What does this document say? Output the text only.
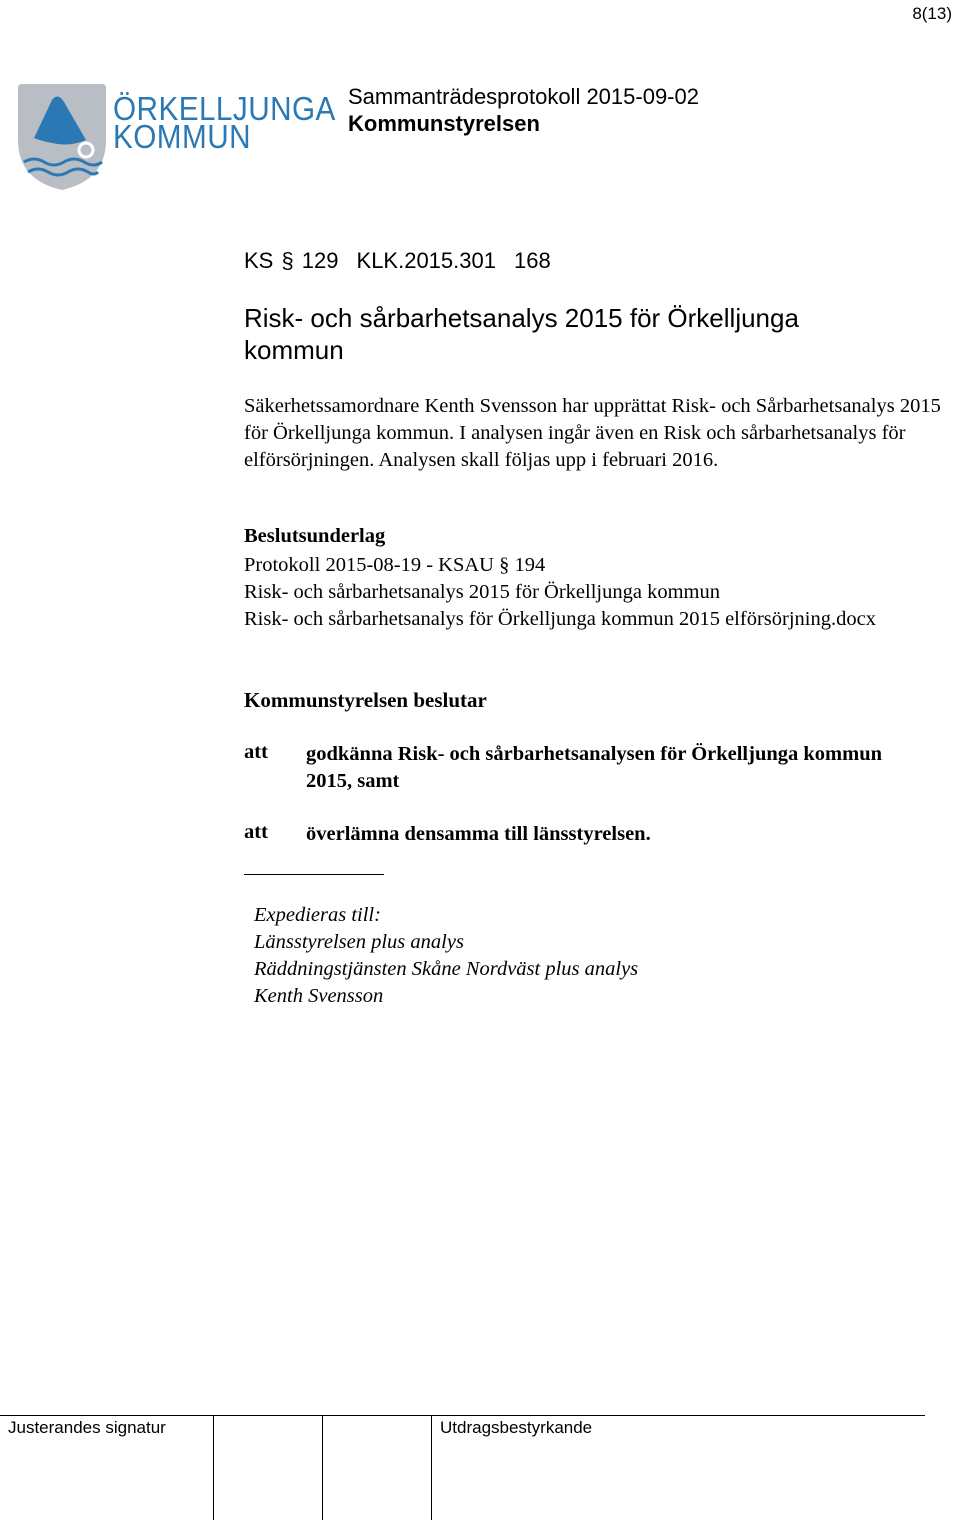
8(13)
ÖRKELLJUNGA
KOMMUN
Sammanträdesprotokoll 2015-09-02
Kommunstyrelsen
KS § 129 KLK.2015.301 168
Risk- och sårbarhetsanalys 2015 för Örkelljunga kommun
Säkerhetssamordnare Kenth Svensson har upprättat Risk- och Sårbarhetsanalys 2015 för Örkelljunga kommun. I analysen ingår även en Risk och sårbarhetsanalys för elförsörjningen. Analysen skall följas upp i februari 2016.
Beslutsunderlag
Protokoll 2015-08-19 - KSAU § 194
Risk- och sårbarhetsanalys 2015 för Örkelljunga kommun
Risk- och sårbarhetsanalys för Örkelljunga kommun 2015 elförsörjning.docx
Kommunstyrelsen beslutar
att godkänna Risk- och sårbarhetsanalysen för Örkelljunga kommun 2015, samt
att överlämna densamma till länsstyrelsen.
Expedieras till:
Länsstyrelsen plus analys
Räddningstjänsten Skåne Nordväst plus analys
Kenth Svensson
Justerandes signatur	Utdragsbestyrkande
